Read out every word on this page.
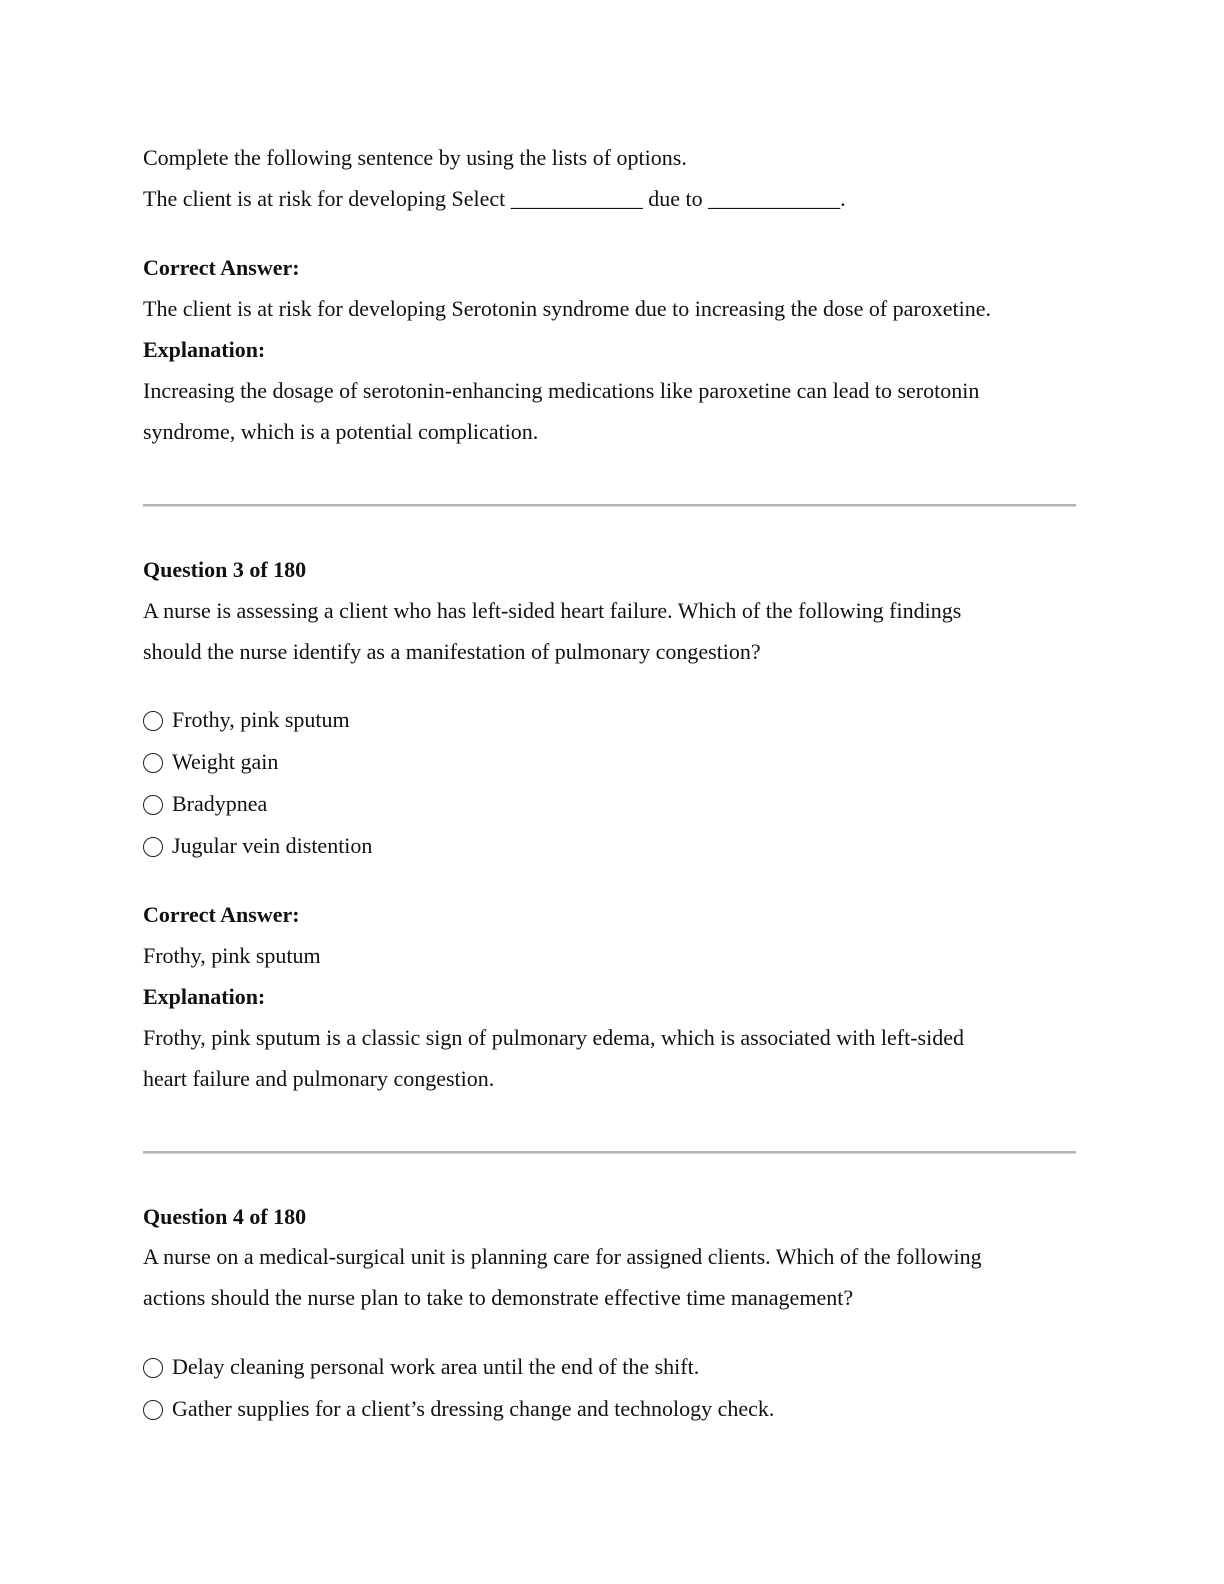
Complete the following sentence by using the lists of options.
The client is at risk for developing Select ____________ due to ____________.
Correct Answer:
The client is at risk for developing Serotonin syndrome due to increasing the dose of paroxetine.
Explanation:
Increasing the dosage of serotonin-enhancing medications like paroxetine can lead to serotonin
syndrome, which is a potential complication.
Question 3 of 180
A nurse is assessing a client who has left-sided heart failure. Which of the following findings
should the nurse identify as a manifestation of pulmonary congestion?
Frothy, pink sputum
Weight gain
Bradypnea
Jugular vein distention
Correct Answer:
Frothy, pink sputum
Explanation:
Frothy, pink sputum is a classic sign of pulmonary edema, which is associated with left-sided
heart failure and pulmonary congestion.
Question 4 of 180
A nurse on a medical-surgical unit is planning care for assigned clients. Which of the following
actions should the nurse plan to take to demonstrate effective time management?
Delay cleaning personal work area until the end of the shift.
Gather supplies for a client’s dressing change and technology check.
